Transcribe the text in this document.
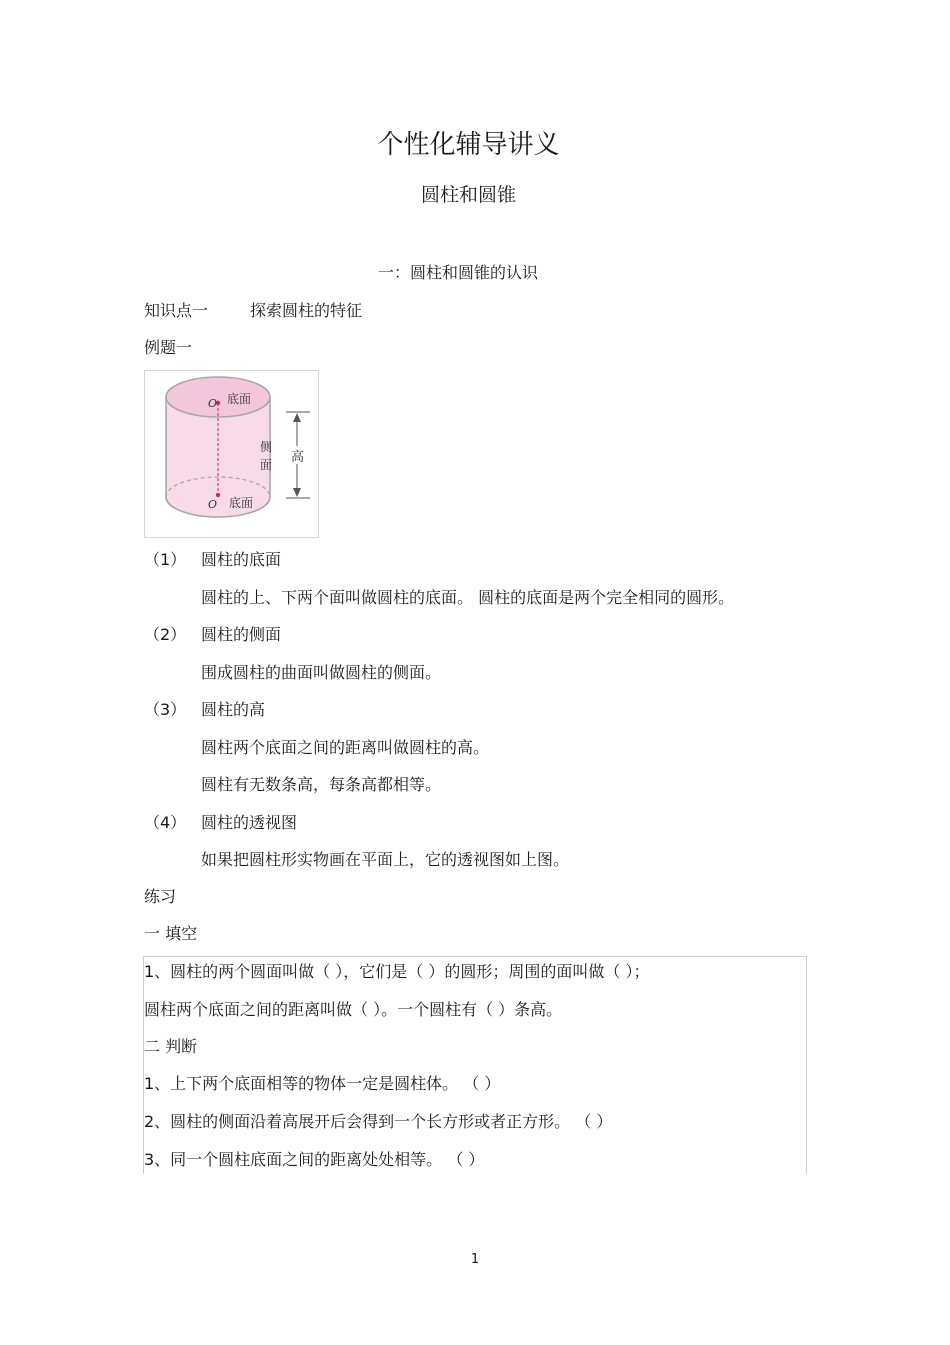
个性化辅导讲义
圆柱和圆锥
一：圆柱和圆锥的认识
知识点一	探索圆柱的特征
例题一
O
O
底面
底面
侧
面 高
（1） 圆柱的底面
圆柱的上、下两个面叫做圆柱的底面。 圆柱的底面是两个完全相同的圆形。
（2） 圆柱的侧面
围成圆柱的曲面叫做圆柱的侧面。
（3） 圆柱的高
圆柱两个底面之间的距离叫做圆柱的高。
圆柱有无数条高，每条高都相等。
（4） 圆柱的透视图
如果把圆柱形实物画在平面上，它的透视图如上图。
练习
一 填空
1、圆柱的两个圆面叫做（ ），它们是（ ）的圆形；周围的面叫做（ ）；
圆柱两个底面之间的距离叫做（ ）。一个圆柱有（ ）条高。
二 判断
1、上下两个底面相等的物体一定是圆柱体。 （ ）
2、圆柱的侧面沿着高展开后会得到一个长方形或者正方形。 （ ）
3、同一个圆柱底面之间的距离处处相等。 （ ）
1
